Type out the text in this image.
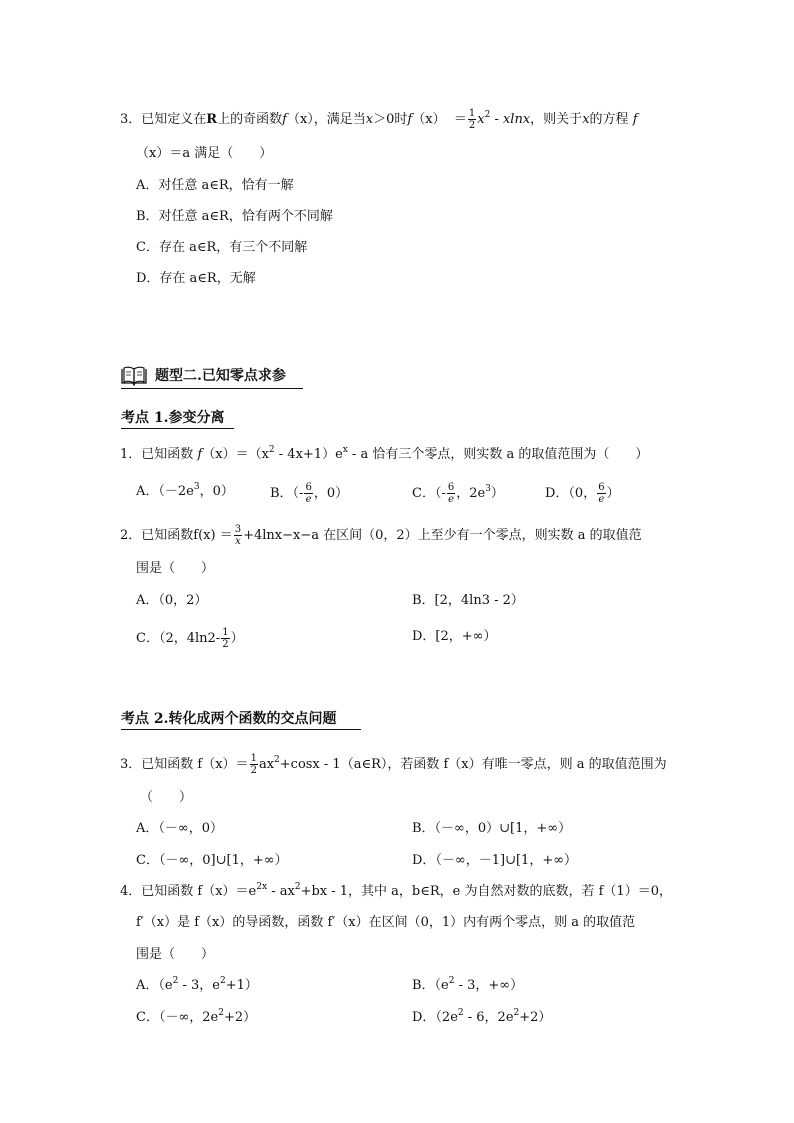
3．已知定义在R上的奇函数f（x），满足当x＞0时$f(x) = \frac{1}{2} x^2 - xlnx$，则关于x的方程 f
（x）＝a 满足（　　）
A．对任意 a∈R，恰有一解
B．对任意 a∈R，恰有两个不同解
C．存在 a∈R，有三个不同解
D．存在 a∈R，无解
题型二.已知零点求参
考点 1.参变分离
1．已知函数 $f(x)=(x^2 - 4x+1)e^x - a$ 恰有三个零点，则实数 a 的取值范围为（　　）
A．（$-2e^3$，0）	B．（- $\frac{6}{e}$ ，0）	C．（- $\frac{6}{e}$ ，$2e^3$）	D．（0， $\frac{6}{e}$ ）
2．已知函数$f(x) = \frac{3}{x} +4\ln x-x-a$ 在区间（0，2）上至少有一个零点，则实数 a 的取值范
围是（　　）
A．（0，2）	B．[2，4ln3 - 2）
C．（2，$4\ln 2- \frac{1}{2}$ ）	D．[2，+∞）
考点 2.转化成两个函数的交点问题
3．已知函数 $f(x)= \frac{1}{2} ax^2+\cos x$ - 1（a∈R），若函数 f（x）有唯一零点，则 a 的取值范围为
（　　）
A．（－∞，0）	B．（－∞，0）∪[1，+∞）
C．（－∞，0]∪[1，+∞）	D．（－∞，－1]∪[1，+∞）
4．已知函数 $f(x)=e^{2x} - ax^2+bx - 1$，其中 a，b∈R，e 为自然对数的底数，若 f（1）＝0，
f′（x）是 f（x）的导函数，函数 f′（x）在区间（0，1）内有两个零点，则 a 的取值范
围是（　　）
A．（$e^2 - 3$，$e^2+1$）	B．（$e^2 - 3$，+∞）
C．（－∞，$2e^2+2$）	D．（$2e^2 - 6$，$2e^2+2$）
